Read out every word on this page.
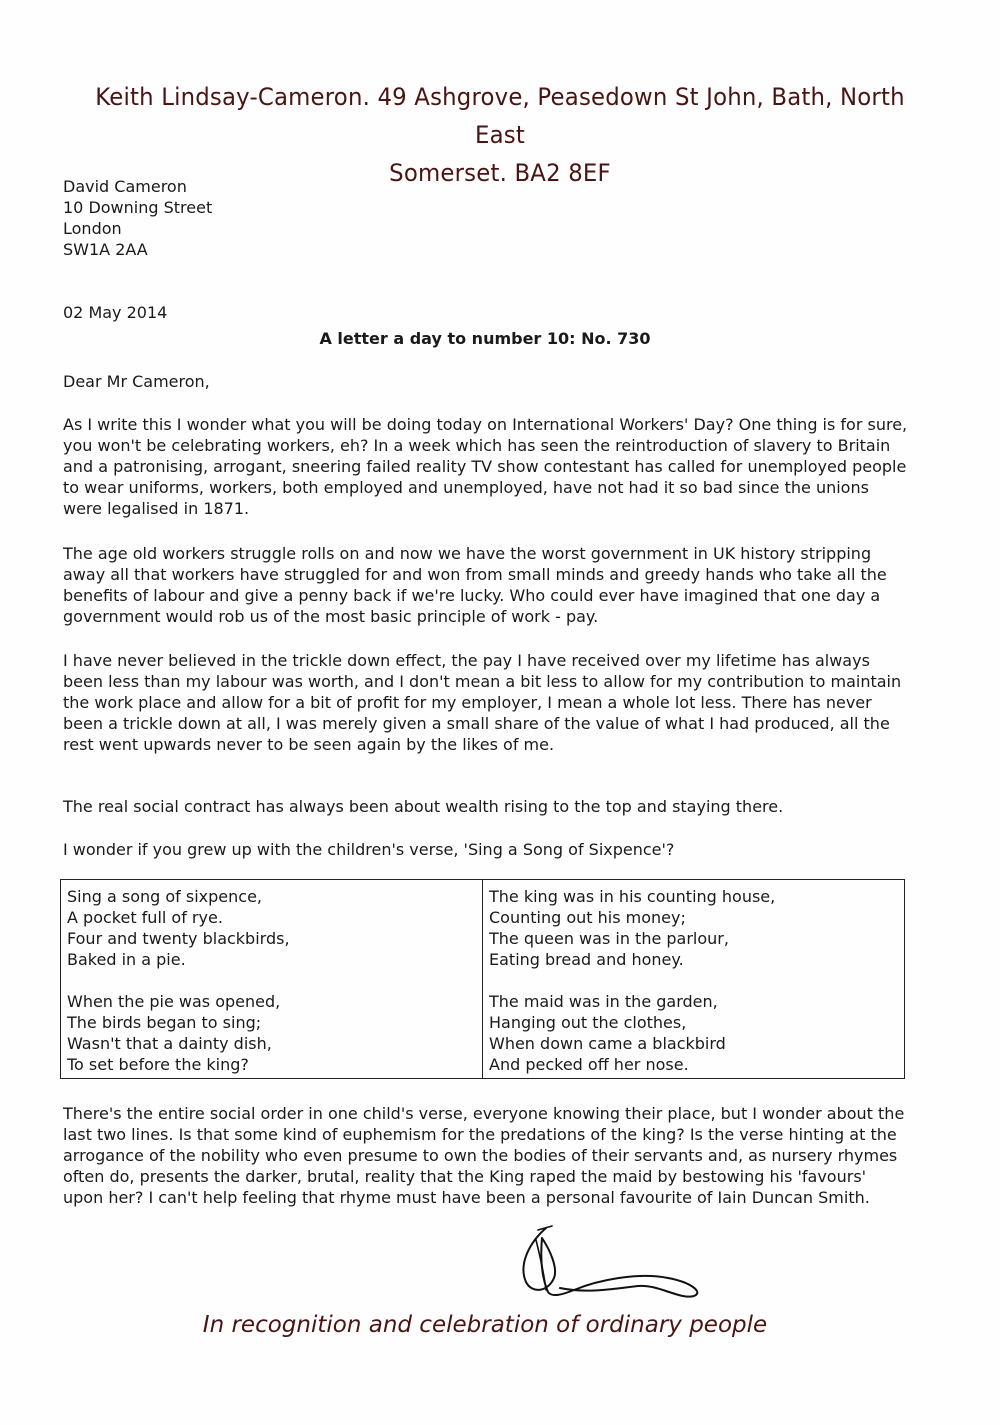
Keith Lindsay-Cameron. 49 Ashgrove, Peasedown St John, Bath, North East
Somerset. BA2 8EF
David Cameron
10 Downing Street
London
SW1A 2AA
02 May 2014
A letter a day to number 10: No. 730
Dear Mr Cameron,

As I write this I wonder what you will be doing today on International Workers' Day? One thing is for sure, you won't be celebrating workers, eh? In a week which has seen the reintroduction of slavery to Britain and a patronising, arrogant, sneering failed reality TV show contestant has called for unemployed people to wear uniforms, workers, both employed and unemployed, have not had it so bad since the unions were legalised in 1871.

The age old workers struggle rolls on and now we have the worst government in UK history stripping away all that workers have struggled for and won from small minds and greedy hands who take all the benefits of labour and give a penny back if we're lucky. Who could ever have imagined that one day a government would rob us of the most basic principle of work - pay.

I have never believed in the trickle down effect, the pay I have received over my lifetime has always been less than my labour was worth, and I don't mean a bit less to allow for my contribution to maintain the work place and allow for a bit of profit for my employer, I mean a whole lot less. There has never been a trickle down at all, I was merely given a small share of the value of what I had produced, all the rest went upwards never to be seen again by the likes of me.

The real social contract has always been about wealth rising to the top and staying there.

I wonder if you grew up with the children's verse, 'Sing a Song of Sixpence'?

Sing a song of sixpence,
A pocket full of rye.
Four and twenty blackbirds,
Baked in a pie.
When the pie was opened,
The birds began to sing;
Wasn't that a dainty dish,
To set before the king?
The king was in his counting house,
Counting out his money;
The queen was in the parlour,
Eating bread and honey.
The maid was in the garden,
Hanging out the clothes,
When down came a blackbird
And pecked off her nose.

There's the entire social order in one child's verse, everyone knowing their place, but I wonder about the last two lines. Is that some kind of euphemism for the predations of the king? Is the verse hinting at the arrogance of the nobility who even presume to own the bodies of their servants and, as nursery rhymes often do, presents the darker, brutal, reality that the King raped the maid by bestowing his 'favours' upon her? I can't help feeling that rhyme must have been a personal favourite of Iain Duncan Smith.

In recognition and celebration of ordinary people
